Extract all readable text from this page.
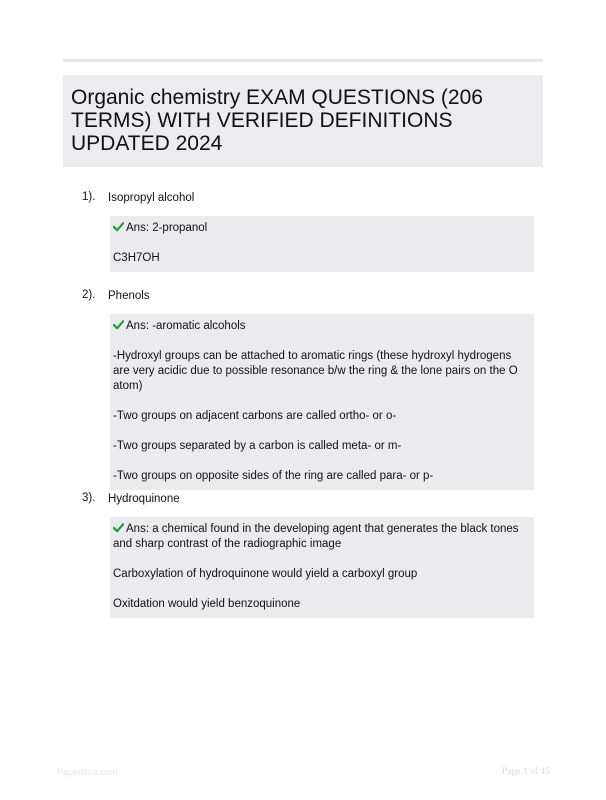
Organic chemistry EXAM QUESTIONS (206 TERMS) WITH VERIFIED DEFINITIONS UPDATED 2024
1). Isopropyl alcohol

Ans: 2-propanol

C3H7OH

2). Phenols

Ans: -aromatic alcohols

-Hydroxyl groups can be attached to aromatic rings (these hydroxyl hydrogens are very acidic due to possible resonance b/w the ring & the lone pairs on the O atom)

-Two groups on adjacent carbons are called ortho- or o-

-Two groups separated by a carbon is called meta- or m-

-Two groups on opposite sides of the ring are called para- or p-

3). Hydroquinone

Ans: a chemical found in the developing agent that generates the black tones and sharp contrast of the radiographic image

Carboxylation of hydroquinone would yield a carboxyl group

Oxitdation would yield benzoquinone

Paperlibre.com	Page 1 of 45
